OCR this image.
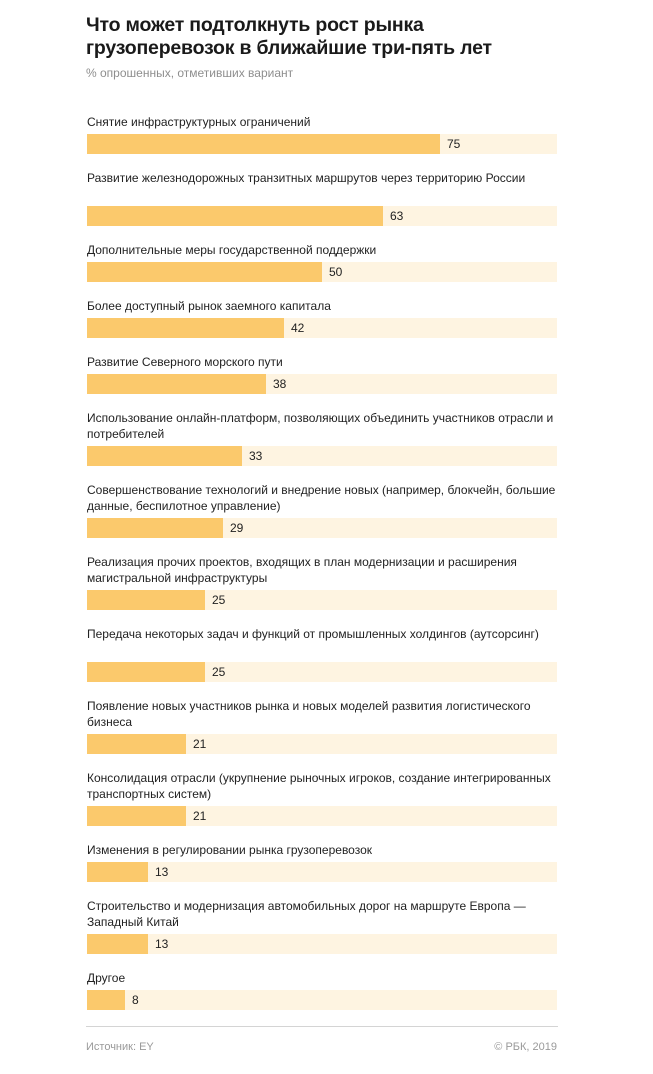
Что может подтолкнуть рост рынка грузоперевозок в ближайшие три-пять лет
% опрошенных, отметивших вариант
Снятие инфраструктурных ограничений
75
Развитие железнодорожных транзитных маршрутов через территорию России
63
Дополнительные меры государственной поддержки
50
Более доступный рынок заемного капитала
42
Развитие Северного морского пути
38
Использование онлайн-платформ, позволяющих объединить участников отрасли и потребителей
33
Совершенствование технологий и внедрение новых (например, блокчейн, большие данные, беспилотное управление)
29
Реализация прочих проектов, входящих в план модернизации и расширения магистральной инфраструктуры
25
Передача некоторых задач и функций от промышленных холдингов (аутсорсинг)
25
Появление новых участников рынка и новых моделей развития логистического бизнеса
21
Консолидация отрасли (укрупнение рыночных игроков, создание интегрированных транспортных систем)
21
Изменения в регулировании рынка грузоперевозок
13
Строительство и модернизация автомобильных дорог на маршруте Европа — Западный Китай
13
Другое
8
Источник: EY	© РБК, 2019
